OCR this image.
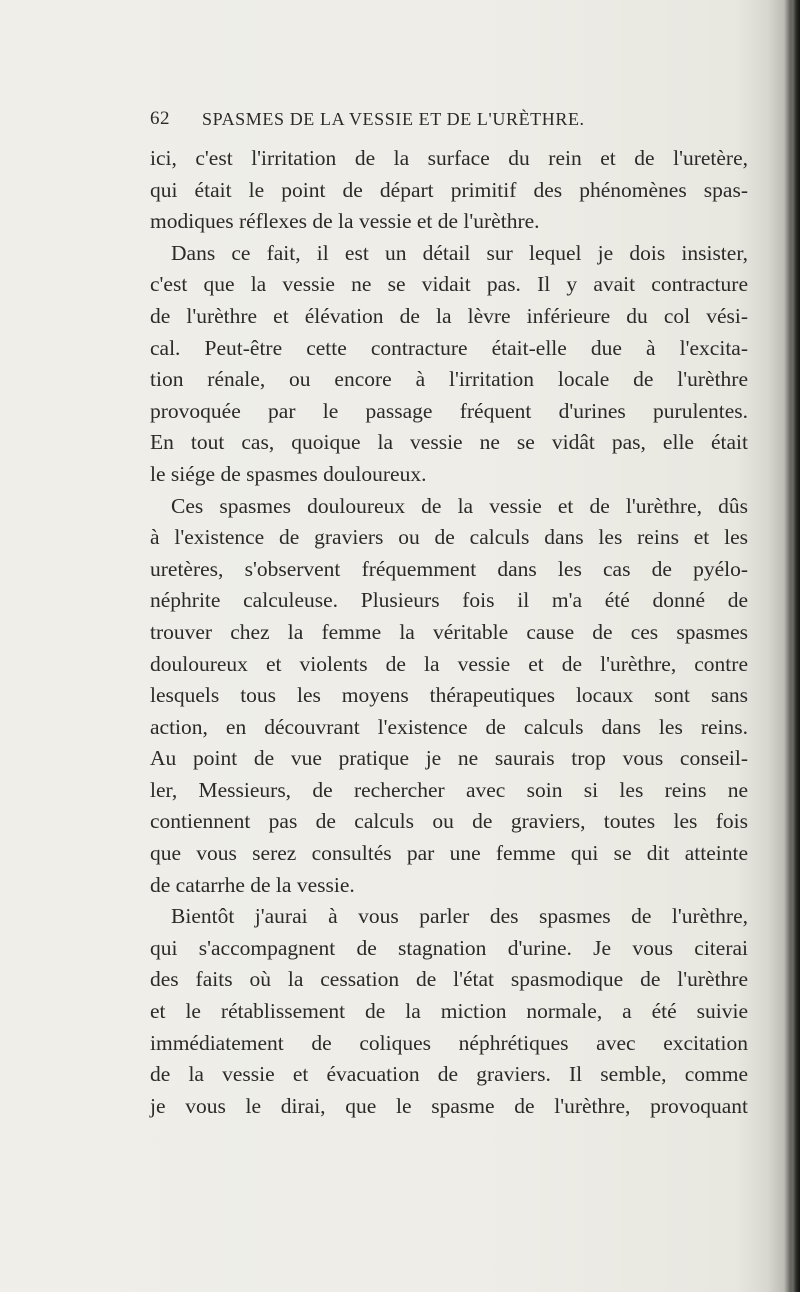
62 SPASMES DE LA VESSIE ET DE L'URÈTHRE.
ici, c'est l'irritation de la surface du rein et de l'uretère,
qui était le point de départ primitif des phénomènes spas-
modiques réflexes de la vessie et de l'urèthre.
Dans ce fait, il est un détail sur lequel je dois insister,
c'est que la vessie ne se vidait pas. Il y avait contracture
de l'urèthre et élévation de la lèvre inférieure du col vési-
cal. Peut-être cette contracture était-elle due à l'excita-
tion rénale, ou encore à l'irritation locale de l'urèthre
provoquée par le passage fréquent d'urines purulentes.
En tout cas, quoique la vessie ne se vidât pas, elle était
le siége de spasmes douloureux.
Ces spasmes douloureux de la vessie et de l'urèthre, dûs
à l'existence de graviers ou de calculs dans les reins et les
uretères, s'observent fréquemment dans les cas de pyélo-
néphrite calculeuse. Plusieurs fois il m'a été donné de
trouver chez la femme la véritable cause de ces spasmes
douloureux et violents de la vessie et de l'urèthre, contre
lesquels tous les moyens thérapeutiques locaux sont sans
action, en découvrant l'existence de calculs dans les reins.
Au point de vue pratique je ne saurais trop vous conseil-
ler, Messieurs, de rechercher avec soin si les reins ne
contiennent pas de calculs ou de graviers, toutes les fois
que vous serez consultés par une femme qui se dit atteinte
de catarrhe de la vessie.
Bientôt j'aurai à vous parler des spasmes de l'urèthre,
qui s'accompagnent de stagnation d'urine. Je vous citerai
des faits où la cessation de l'état spasmodique de l'urèthre
et le rétablissement de la miction normale, a été suivie
immédiatement de coliques néphrétiques avec excitation
de la vessie et évacuation de graviers. Il semble, comme
je vous le dirai, que le spasme de l'urèthre, provoquant
